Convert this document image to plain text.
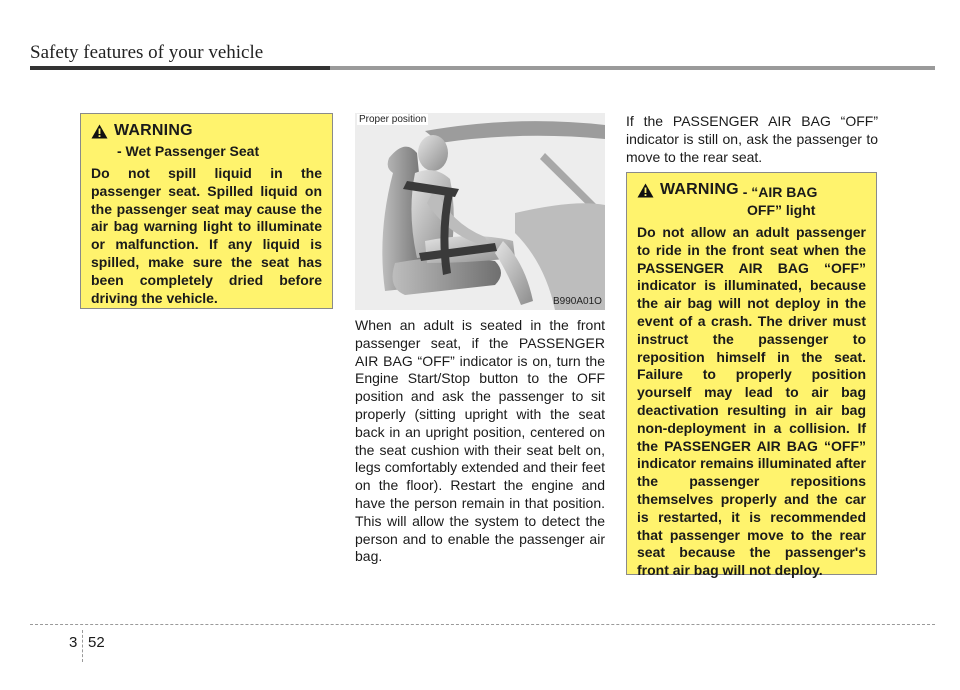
Safety features of your vehicle
WARNING
- Wet Passenger Seat
Do not spill liquid in the passenger seat. Spilled liquid on the passenger seat may cause the air bag warning light to illuminate or malfunction. If any liquid is spilled, make sure the seat has been completely dried before driving the vehicle.
Proper position
B990A01O
When an adult is seated in the front passenger seat, if the PASSENGER AIR BAG “OFF” indicator is on, turn the Engine Start/Stop button to the OFF position and ask the passenger to sit properly (sitting upright with the seat back in an upright position, centered on the seat cushion with their seat belt on, legs comfortably extended and their feet on the floor). Restart the engine and have the person remain in that position. This will allow the system to detect the person and to enable the passenger air bag.
If the PASSENGER AIR BAG “OFF” indicator is still on, ask the passenger to move to the rear seat.
WARNING - “AIR BAG
OFF” light
Do not allow an adult passenger to ride in the front seat when the PASSENGER AIR BAG “OFF” indicator is illuminated, because the air bag will not deploy in the event of a crash. The driver must instruct the passenger to reposition himself in the seat. Failure to properly position yourself may lead to air bag deactivation resulting in air bag non-deployment in a collision. If the PASSENGER AIR BAG “OFF” indicator remains illuminated after the passenger repositions themselves properly and the car is restarted, it is recommended that passenger move to the rear seat because the passenger's front air bag will not deploy.
3 52
